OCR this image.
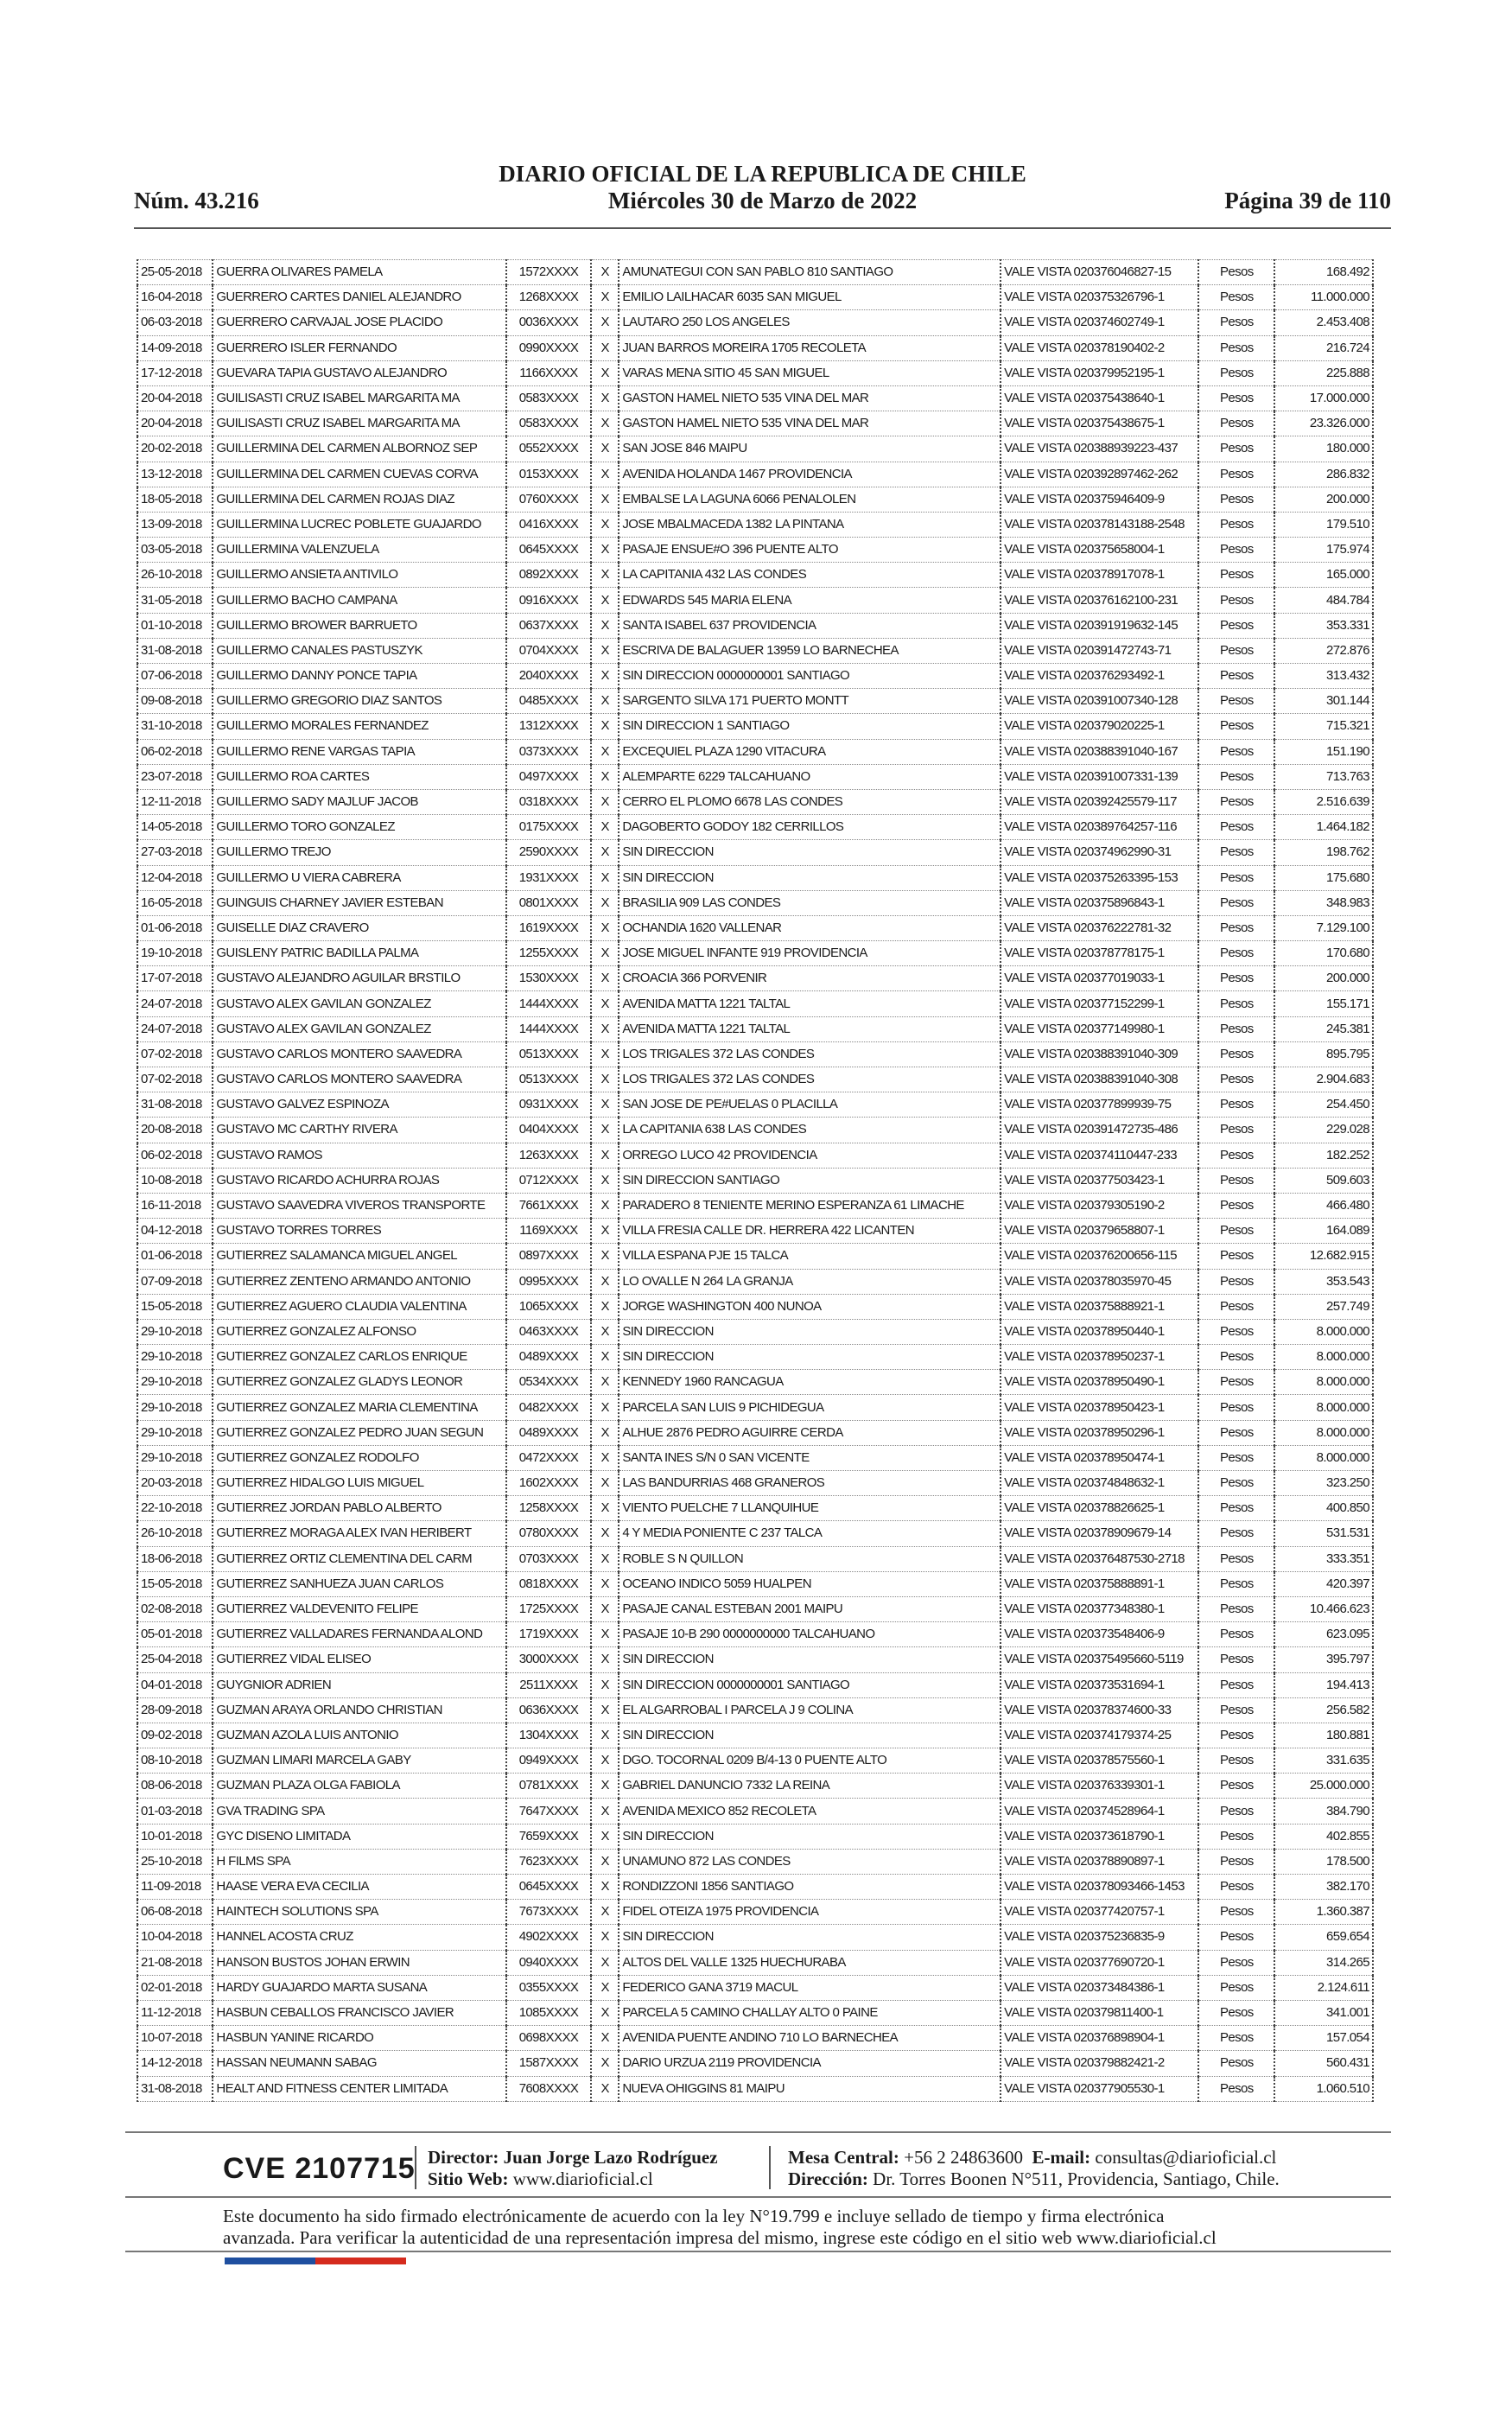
Núm. 43.216
DIARIO OFICIAL DE LA REPUBLICA DE CHILE
Miércoles 30 de Marzo de 2022	Página 39 de 110
25-05-2018	GUERRA OLIVARES PAMELA	1572XXXX	X	AMUNATEGUI CON SAN PABLO 810 SANTIAGO	VALE VISTA 020376046827-15	Pesos	168.492
16-04-2018	GUERRERO CARTES DANIEL ALEJANDRO	1268XXXX	X	EMILIO LAILHACAR 6035 SAN MIGUEL	VALE VISTA 020375326796-1	Pesos	11.000.000
06-03-2018	GUERRERO CARVAJAL JOSE PLACIDO	0036XXXX	X	LAUTARO 250 LOS ANGELES	VALE VISTA 020374602749-1	Pesos	2.453.408
14-09-2018	GUERRERO ISLER FERNANDO	0990XXXX	X	JUAN BARROS MOREIRA 1705 RECOLETA	VALE VISTA 020378190402-2	Pesos	216.724
17-12-2018	GUEVARA TAPIA GUSTAVO ALEJANDRO	1166XXXX	X	VARAS MENA SITIO 45 SAN MIGUEL	VALE VISTA 020379952195-1	Pesos	225.888
20-04-2018	GUILISASTI CRUZ ISABEL MARGARITA MA	0583XXXX	X	GASTON HAMEL NIETO 535 VINA DEL MAR	VALE VISTA 020375438640-1	Pesos	17.000.000
20-04-2018	GUILISASTI CRUZ ISABEL MARGARITA MA	0583XXXX	X	GASTON HAMEL NIETO 535 VINA DEL MAR	VALE VISTA 020375438675-1	Pesos	23.326.000
20-02-2018	GUILLERMINA DEL CARMEN ALBORNOZ SEP	0552XXXX	X	SAN JOSE 846 MAIPU	VALE VISTA 020388939223-437	Pesos	180.000
13-12-2018	GUILLERMINA DEL CARMEN CUEVAS CORVA	0153XXXX	X	AVENIDA HOLANDA 1467 PROVIDENCIA	VALE VISTA 020392897462-262	Pesos	286.832
18-05-2018	GUILLERMINA DEL CARMEN ROJAS DIAZ	0760XXXX	X	EMBALSE LA LAGUNA 6066 PENALOLEN	VALE VISTA 020375946409-9	Pesos	200.000
13-09-2018	GUILLERMINA LUCREC POBLETE GUAJARDO	0416XXXX	X	JOSE MBALMACEDA 1382 LA PINTANA	VALE VISTA 020378143188-2548	Pesos	179.510
03-05-2018	GUILLERMINA VALENZUELA	0645XXXX	X	PASAJE ENSUE#O 396 PUENTE ALTO	VALE VISTA 020375658004-1	Pesos	175.974
26-10-2018	GUILLERMO ANSIETA ANTIVILO	0892XXXX	X	LA CAPITANIA 432 LAS CONDES	VALE VISTA 020378917078-1	Pesos	165.000
31-05-2018	GUILLERMO BACHO CAMPANA	0916XXXX	X	EDWARDS 545 MARIA ELENA	VALE VISTA 020376162100-231	Pesos	484.784
01-10-2018	GUILLERMO BROWER BARRUETO	0637XXXX	X	SANTA ISABEL 637 PROVIDENCIA	VALE VISTA 020391919632-145	Pesos	353.331
31-08-2018	GUILLERMO CANALES PASTUSZYK	0704XXXX	X	ESCRIVA DE BALAGUER 13959 LO BARNECHEA	VALE VISTA 020391472743-71	Pesos	272.876
07-06-2018	GUILLERMO DANNY PONCE TAPIA	2040XXXX	X	SIN DIRECCION 0000000001 SANTIAGO	VALE VISTA 020376293492-1	Pesos	313.432
09-08-2018	GUILLERMO GREGORIO DIAZ SANTOS	0485XXXX	X	SARGENTO SILVA 171 PUERTO MONTT	VALE VISTA 020391007340-128	Pesos	301.144
31-10-2018	GUILLERMO MORALES FERNANDEZ	1312XXXX	X	SIN DIRECCION 1 SANTIAGO	VALE VISTA 020379020225-1	Pesos	715.321
06-02-2018	GUILLERMO RENE VARGAS TAPIA	0373XXXX	X	EXCEQUIEL PLAZA 1290 VITACURA	VALE VISTA 020388391040-167	Pesos	151.190
23-07-2018	GUILLERMO ROA CARTES	0497XXXX	X	ALEMPARTE 6229 TALCAHUANO	VALE VISTA 020391007331-139	Pesos	713.763
12-11-2018	GUILLERMO SADY MAJLUF JACOB	0318XXXX	X	CERRO EL PLOMO 6678 LAS CONDES	VALE VISTA 020392425579-117	Pesos	2.516.639
14-05-2018	GUILLERMO TORO GONZALEZ	0175XXXX	X	DAGOBERTO GODOY 182 CERRILLOS	VALE VISTA 020389764257-116	Pesos	1.464.182
27-03-2018	GUILLERMO TREJO	2590XXXX	X	SIN DIRECCION	VALE VISTA 020374962990-31	Pesos	198.762
12-04-2018	GUILLERMO U VIERA CABRERA	1931XXXX	X	SIN DIRECCION	VALE VISTA 020375263395-153	Pesos	175.680
16-05-2018	GUINGUIS CHARNEY JAVIER ESTEBAN	0801XXXX	X	BRASILIA 909 LAS CONDES	VALE VISTA 020375896843-1	Pesos	348.983
01-06-2018	GUISELLE DIAZ CRAVERO	1619XXXX	X	OCHANDIA 1620 VALLENAR	VALE VISTA 020376222781-32	Pesos	7.129.100
19-10-2018	GUISLENY PATRIC BADILLA PALMA	1255XXXX	X	JOSE MIGUEL INFANTE 919 PROVIDENCIA	VALE VISTA 020378778175-1	Pesos	170.680
17-07-2018	GUSTAVO ALEJANDRO AGUILAR BRSTILO	1530XXXX	X	CROACIA 366 PORVENIR	VALE VISTA 020377019033-1	Pesos	200.000
24-07-2018	GUSTAVO ALEX GAVILAN GONZALEZ	1444XXXX	X	AVENIDA MATTA 1221 TALTAL	VALE VISTA 020377152299-1	Pesos	155.171
24-07-2018	GUSTAVO ALEX GAVILAN GONZALEZ	1444XXXX	X	AVENIDA MATTA 1221 TALTAL	VALE VISTA 020377149980-1	Pesos	245.381
07-02-2018	GUSTAVO CARLOS MONTERO SAAVEDRA	0513XXXX	X	LOS TRIGALES 372 LAS CONDES	VALE VISTA 020388391040-309	Pesos	895.795
07-02-2018	GUSTAVO CARLOS MONTERO SAAVEDRA	0513XXXX	X	LOS TRIGALES 372 LAS CONDES	VALE VISTA 020388391040-308	Pesos	2.904.683
31-08-2018	GUSTAVO GALVEZ ESPINOZA	0931XXXX	X	SAN JOSE DE PE#UELAS 0 PLACILLA	VALE VISTA 020377899939-75	Pesos	254.450
20-08-2018	GUSTAVO MC CARTHY RIVERA	0404XXXX	X	LA CAPITANIA 638 LAS CONDES	VALE VISTA 020391472735-486	Pesos	229.028
06-02-2018	GUSTAVO RAMOS	1263XXXX	X	ORREGO LUCO 42 PROVIDENCIA	VALE VISTA 020374110447-233	Pesos	182.252
10-08-2018	GUSTAVO RICARDO ACHURRA ROJAS	0712XXXX	X	SIN DIRECCION SANTIAGO	VALE VISTA 020377503423-1	Pesos	509.603
16-11-2018	GUSTAVO SAAVEDRA VIVEROS TRANSPORTE	7661XXXX	X	PARADERO 8 TENIENTE MERINO ESPERANZA 61 LIMACHE	VALE VISTA 020379305190-2	Pesos	466.480
04-12-2018	GUSTAVO TORRES TORRES	1169XXXX	X	VILLA FRESIA CALLE DR. HERRERA 422 LICANTEN	VALE VISTA 020379658807-1	Pesos	164.089
01-06-2018	GUTIERREZ SALAMANCA MIGUEL ANGEL	0897XXXX	X	VILLA ESPANA PJE 15 TALCA	VALE VISTA 020376200656-115	Pesos	12.682.915
07-09-2018	GUTIERREZ ZENTENO ARMANDO ANTONIO	0995XXXX	X	LO OVALLE N 264 LA GRANJA	VALE VISTA 020378035970-45	Pesos	353.543
15-05-2018	GUTIERREZ AGUERO CLAUDIA VALENTINA	1065XXXX	X	JORGE WASHINGTON 400 NUNOA	VALE VISTA 020375888921-1	Pesos	257.749
29-10-2018	GUTIERREZ GONZALEZ ALFONSO	0463XXXX	X	SIN DIRECCION	VALE VISTA 020378950440-1	Pesos	8.000.000
29-10-2018	GUTIERREZ GONZALEZ CARLOS ENRIQUE	0489XXXX	X	SIN DIRECCION	VALE VISTA 020378950237-1	Pesos	8.000.000
29-10-2018	GUTIERREZ GONZALEZ GLADYS LEONOR	0534XXXX	X	KENNEDY 1960 RANCAGUA	VALE VISTA 020378950490-1	Pesos	8.000.000
29-10-2018	GUTIERREZ GONZALEZ MARIA CLEMENTINA	0482XXXX	X	PARCELA SAN LUIS 9 PICHIDEGUA	VALE VISTA 020378950423-1	Pesos	8.000.000
29-10-2018	GUTIERREZ GONZALEZ PEDRO JUAN SEGUN	0489XXXX	X	ALHUE 2876 PEDRO AGUIRRE CERDA	VALE VISTA 020378950296-1	Pesos	8.000.000
29-10-2018	GUTIERREZ GONZALEZ RODOLFO	0472XXXX	X	SANTA INES S/N 0 SAN VICENTE	VALE VISTA 020378950474-1	Pesos	8.000.000
20-03-2018	GUTIERREZ HIDALGO LUIS MIGUEL	1602XXXX	X	LAS BANDURRIAS 468 GRANEROS	VALE VISTA 020374848632-1	Pesos	323.250
22-10-2018	GUTIERREZ JORDAN PABLO ALBERTO	1258XXXX	X	VIENTO PUELCHE 7 LLANQUIHUE	VALE VISTA 020378826625-1	Pesos	400.850
26-10-2018	GUTIERREZ MORAGA ALEX IVAN HERIBERT	0780XXXX	X	4 Y MEDIA PONIENTE C 237 TALCA	VALE VISTA 020378909679-14	Pesos	531.531
18-06-2018	GUTIERREZ ORTIZ CLEMENTINA DEL CARM	0703XXXX	X	ROBLE S N QUILLON	VALE VISTA 020376487530-2718	Pesos	333.351
15-05-2018	GUTIERREZ SANHUEZA JUAN CARLOS	0818XXXX	X	OCEANO INDICO 5059 HUALPEN	VALE VISTA 020375888891-1	Pesos	420.397
02-08-2018	GUTIERREZ VALDEVENITO FELIPE	1725XXXX	X	PASAJE CANAL ESTEBAN 2001 MAIPU	VALE VISTA 020377348380-1	Pesos	10.466.623
05-01-2018	GUTIERREZ VALLADARES FERNANDA ALOND	1719XXXX	X	PASAJE 10-B 290 0000000000 TALCAHUANO	VALE VISTA 020373548406-9	Pesos	623.095
25-04-2018	GUTIERREZ VIDAL ELISEO	3000XXXX	X	SIN DIRECCION	VALE VISTA 020375495660-5119	Pesos	395.797
04-01-2018	GUYGNIOR ADRIEN	2511XXXX	X	SIN DIRECCION 0000000001 SANTIAGO	VALE VISTA 020373531694-1	Pesos	194.413
28-09-2018	GUZMAN ARAYA ORLANDO CHRISTIAN	0636XXXX	X	EL ALGARROBAL I PARCELA J 9 COLINA	VALE VISTA 020378374600-33	Pesos	256.582
09-02-2018	GUZMAN AZOLA LUIS ANTONIO	1304XXXX	X	SIN DIRECCION	VALE VISTA 020374179374-25	Pesos	180.881
08-10-2018	GUZMAN LIMARI MARCELA GABY	0949XXXX	X	DGO. TOCORNAL 0209 B/4-13 0 PUENTE ALTO	VALE VISTA 020378575560-1	Pesos	331.635
08-06-2018	GUZMAN PLAZA OLGA FABIOLA	0781XXXX	X	GABRIEL DANUNCIO 7332 LA REINA	VALE VISTA 020376339301-1	Pesos	25.000.000
01-03-2018	GVA TRADING SPA	7647XXXX	X	AVENIDA MEXICO 852 RECOLETA	VALE VISTA 020374528964-1	Pesos	384.790
10-01-2018	GYC DISENO LIMITADA	7659XXXX	X	SIN DIRECCION	VALE VISTA 020373618790-1	Pesos	402.855
25-10-2018	H FILMS SPA	7623XXXX	X	UNAMUNO 872 LAS CONDES	VALE VISTA 020378890897-1	Pesos	178.500
11-09-2018	HAASE VERA EVA CECILIA	0645XXXX	X	RONDIZZONI 1856 SANTIAGO	VALE VISTA 020378093466-1453	Pesos	382.170
06-08-2018	HAINTECH SOLUTIONS SPA	7673XXXX	X	FIDEL OTEIZA 1975 PROVIDENCIA	VALE VISTA 020377420757-1	Pesos	1.360.387
10-04-2018	HANNEL ACOSTA CRUZ	4902XXXX	X	SIN DIRECCION	VALE VISTA 020375236835-9	Pesos	659.654
21-08-2018	HANSON BUSTOS JOHAN ERWIN	0940XXXX	X	ALTOS DEL VALLE 1325 HUECHURABA	VALE VISTA 020377690720-1	Pesos	314.265
02-01-2018	HARDY GUAJARDO MARTA SUSANA	0355XXXX	X	FEDERICO GANA 3719 MACUL	VALE VISTA 020373484386-1	Pesos	2.124.611
11-12-2018	HASBUN CEBALLOS FRANCISCO JAVIER	1085XXXX	X	PARCELA 5 CAMINO CHALLAY ALTO 0 PAINE	VALE VISTA 020379811400-1	Pesos	341.001
10-07-2018	HASBUN YANINE RICARDO	0698XXXX	X	AVENIDA PUENTE ANDINO 710 LO BARNECHEA	VALE VISTA 020376898904-1	Pesos	157.054
14-12-2018	HASSAN NEUMANN SABAG	1587XXXX	X	DARIO URZUA 2119 PROVIDENCIA	VALE VISTA 020379882421-2	Pesos	560.431
31-08-2018	HEALT AND FITNESS CENTER LIMITADA	7608XXXX	X	NUEVA OHIGGINS 81 MAIPU	VALE VISTA 020377905530-1	Pesos	1.060.510
CVE 2107715 Director: Juan Jorge Lazo Rodríguez
Sitio Web: www.diarioficial.cl
Mesa Central: +56 2 24863600 E-mail: consultas@diarioficial.cl
Dirección: Dr. Torres Boonen N°511, Providencia, Santiago, Chile.
Este documento ha sido firmado electrónicamente de acuerdo con la ley N°19.799 e incluye sellado de tiempo y firma electrónica
avanzada. Para verificar la autenticidad de una representación impresa del mismo, ingrese este código en el sitio web www.diarioficial.cl
